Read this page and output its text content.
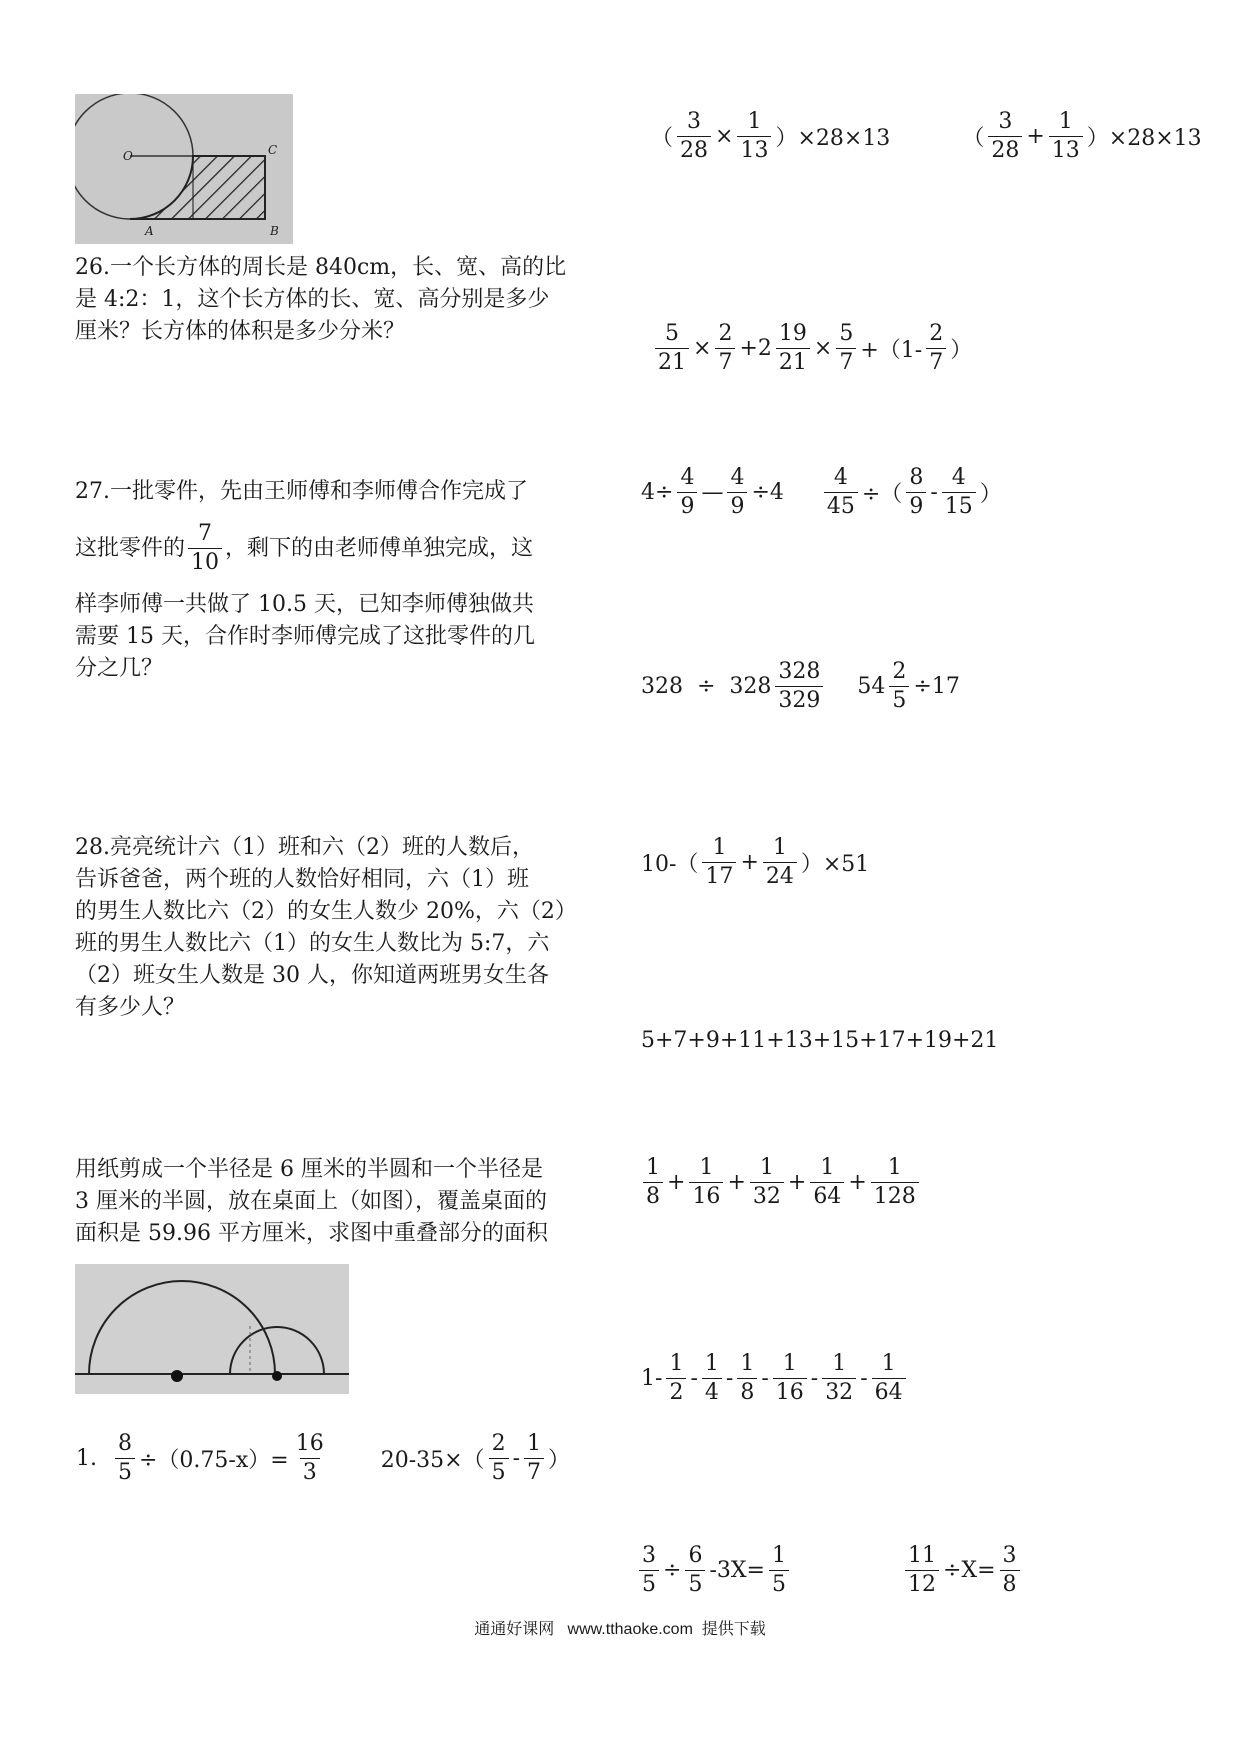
O	C
A	B
26.一个长方体的周长是 840cm，长、宽、高的比
是 4:2：1，这个长方体的长、宽、高分别是多少
厘米？长方体的体积是多少分米？
27.一批零件，先由王师傅和李师傅合作完成了
这批零件的 $\frac{7}{10}$ ，剩下的由老师傅单独完成，这
样李师傅一共做了 10.5 天，已知李师傅独做共
需要 15 天，合作时李师傅完成了这批零件的几
分之几？
28.亮亮统计六（1）班和六（2）班的人数后，
告诉爸爸，两个班的人数恰好相同，六（1）班
的男生人数比六（2）的女生人数少 20%，六（2）
班的男生人数比六（1）的女生人数比为 5:7，六
（2）班女生人数是 30 人，你知道两班男女生各
有多少人？
用纸剪成一个半径是 6 厘米的半圆和一个半径是
3 厘米的半圆，放在桌面上（如图），覆盖桌面的
面积是 59.96 平方厘米，求图中重叠部分的面积
1. $\frac{8}{5} \div(0.75-x)= \frac{16}{3} 20-35\times( \frac{2}{5} - \frac{1}{7}$ ）
（ $\frac{3}{28} \times \frac{1}{13} )\times 28\times 13$	（ $\frac{3}{28} + \frac{1}{13} )\times 28\times 13$
$\frac{5}{21} \times \frac{2}{7} +2 \frac{19}{21} \times \frac{5}{7} +(1- \frac{2}{7}$ ）
$4\div \frac{4}{9}$ — $\frac{4}{9} \div 4 \frac{4}{45}$ ÷（ $\frac{8}{9} - \frac{4}{15}$ ）
$328 \div 328 \frac{328}{329} 54 \frac{2}{5} \div 17$
$10-( \frac{1}{17} + \frac{1}{24} )\times 51$
5+7+9+11+13+15+17+19+21
$\frac{1}{8} + \frac{1}{16} + \frac{1}{32} + \frac{1}{64} + \frac{1}{128}$
$1- \frac{1}{2} - \frac{1}{4} - \frac{1}{8} - \frac{1}{16} - \frac{1}{32} - \frac{1}{64}$
$\frac{3}{5} \div \frac{6}{5} -3X= \frac{1}{5}$	$\frac{11}{12} \div X= \frac{3}{8}$
通通好课网   www.tthaoke.com  提供下载
